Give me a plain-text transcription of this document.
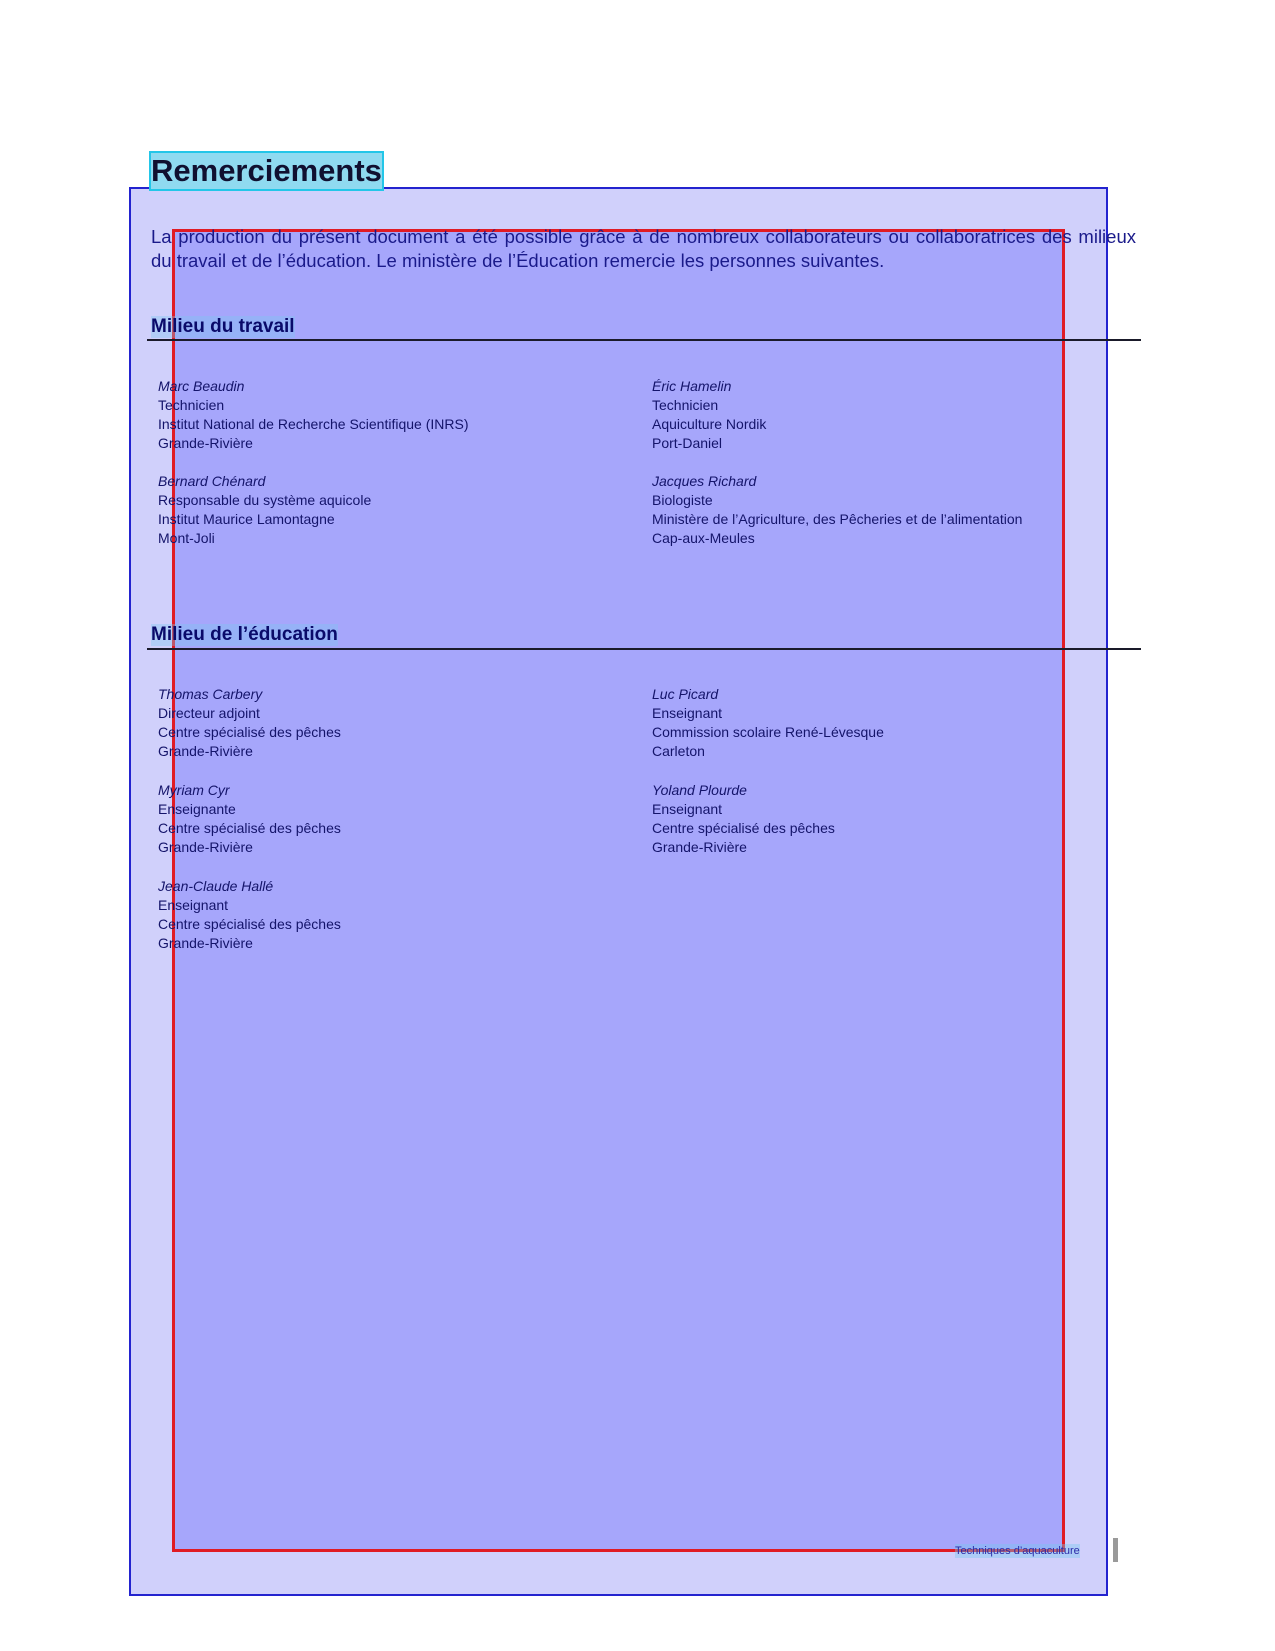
Remerciements

La production du présent document a été possible grâce à de nombreux collaborateurs ou collaboratrices des milieux du travail et de l’éducation. Le ministère de l’Éducation remercie les personnes suivantes.

Milieu du travail
Marc Beaudin
Technicien
Institut National de Recherche Scientifique (INRS)
Grande-Rivière
Éric Hamelin
Technicien
Aquiculture Nordik
Port-Daniel
Bernard Chénard
Responsable du système aquicole
Institut Maurice Lamontagne
Mont-Joli
Jacques Richard
Biologiste
Ministère de l’Agriculture, des Pêcheries et de l’alimentation
Cap-aux-Meules
Milieu de l’éducation
Thomas Carbery
Directeur adjoint
Centre spécialisé des pêches
Grande-Rivière
Luc Picard
Enseignant
Commission scolaire René-Lévesque
Carleton
Myriam Cyr
Enseignante
Centre spécialisé des pêches
Grande-Rivière
Yoland Plourde
Enseignant
Centre spécialisé des pêches
Grande-Rivière
Jean-Claude Hallé
Enseignant
Centre spécialisé des pêches
Grande-Rivière
Techniques d’aquaculture
